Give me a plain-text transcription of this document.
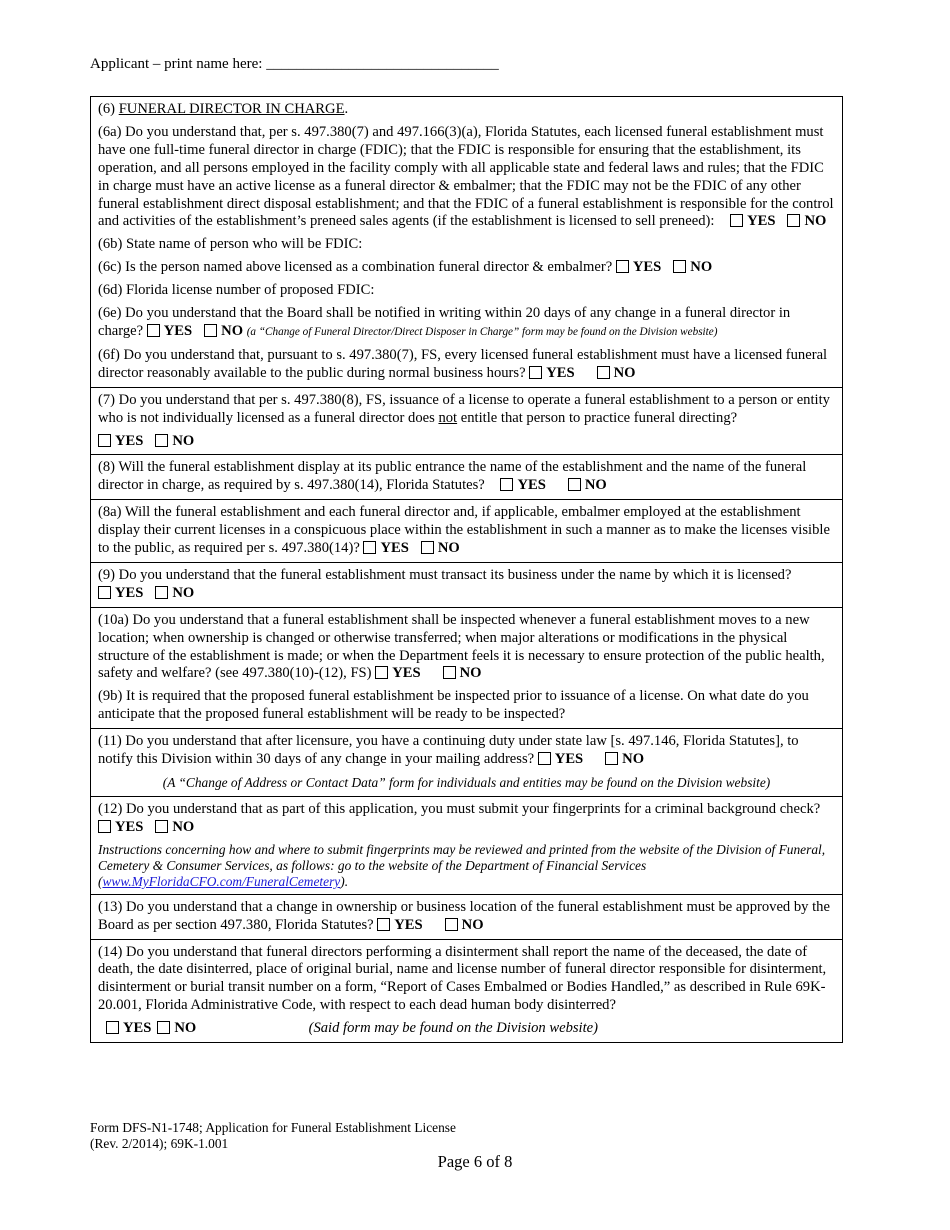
Applicant – print name here: _______________________________

(6) FUNERAL DIRECTOR IN CHARGE.

(6a) Do you understand that, per s. 497.380(7) and 497.166(3)(a), Florida Statutes, each licensed funeral establishment must have one full-time funeral director in charge (FDIC); that the FDIC is responsible for ensuring that the establishment, its operation, and all persons employed in the facility comply with all applicable state and federal laws and rules; that the FDIC in charge must have an active license as a funeral director & embalmer; that the FDIC may not be the FDIC of any other funeral establishment direct disposal establishment; and that the FDIC of a funeral establishment is responsible for the control and activities of the establishment’s preneed sales agents (if the establishment is licensed to sell preneed): YES NO

(6b) State name of person who will be FDIC:

(6c) Is the person named above licensed as a combination funeral director & embalmer? YES NO

(6d) Florida license number of proposed FDIC:

(6e) Do you understand that the Board shall be notified in writing within 20 days of any change in a funeral director in charge? YES NO (a “Change of Funeral Director/Direct Disposer in Charge” form may be found on the Division website)

(6f) Do you understand that, pursuant to s. 497.380(7), FS, every licensed funeral establishment must have a licensed funeral director reasonably available to the public during normal business hours? YES	NO

(7) Do you understand that per s. 497.380(8), FS, issuance of a license to operate a funeral establishment to a person or entity who is not individually licensed as a funeral director does not entitle that person to practice funeral directing?

YES NO

(8) Will the funeral establishment display at its public entrance the name of the establishment and the name of the funeral director in charge, as required by s. 497.380(14), Florida Statutes? YES	NO

(8a) Will the funeral establishment and each funeral director and, if applicable, embalmer employed at the establishment display their current licenses in a conspicuous place within the establishment in such a manner as to make the licenses visible to the public, as required per s. 497.380(14)? YES NO

(9) Do you understand that the funeral establishment must transact its business under the name by which it is licensed? YES NO

(10a) Do you understand that a funeral establishment shall be inspected whenever a funeral establishment moves to a new location; when ownership is changed or otherwise transferred; when major alterations or modifications in the physical structure of the establishment is made; or when the Department feels it is necessary to ensure protection of the public health, safety and welfare? (see 497.380(10)-(12), FS) YES	NO

(9b) It is required that the proposed funeral establishment be inspected prior to issuance of a license. On what date do you anticipate that the proposed funeral establishment will be ready to be inspected?

(11) Do you understand that after licensure, you have a continuing duty under state law [s. 497.146, Florida Statutes], to notify this Division within 30 days of any change in your mailing address? YES	NO

(A “Change of Address or Contact Data” form for individuals and entities may be found on the Division website)

(12) Do you understand that as part of this application, you must submit your fingerprints for a criminal background check? YES NO

Instructions concerning how and where to submit fingerprints may be reviewed and printed from the website of the Division of Funeral, Cemetery & Consumer Services, as follows: go to the website of the Department of Financial Services (www.MyFloridaCFO.com/FuneralCemetery).

(13) Do you understand that a change in ownership or business location of the funeral establishment must be approved by the Board as per section 497.380, Florida Statutes? YES	NO

(14) Do you understand that funeral directors performing a disinterment shall report the name of the deceased, the date of death, the date disinterred, place of original burial, name and license number of funeral director responsible for disinterment, disinterment or burial transit number on a form, “Report of Cases Embalmed or Bodies Handled,” as described in Rule 69K-20.001, Florida Administrative Code, with respect to each dead human body disinterred?

YES NO	(Said form may be found on the Division website)

Form DFS-N1-1748; Application for Funeral Establishment License
(Rev. 2/2014); 69K-1.001
Page 6 of 8
